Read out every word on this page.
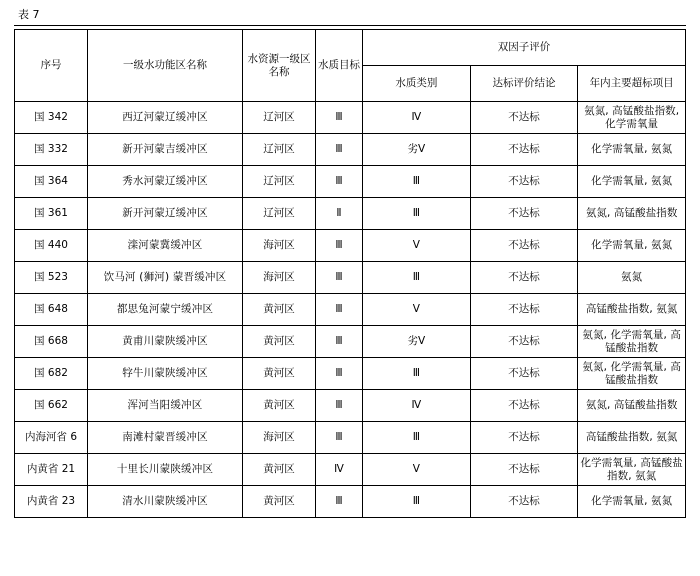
表 7
序号	一级水功能区名称	水资源一级区名称	水质目标	双因子评价		
				水质类别	达标评价结论	年内主要超标项目
国 342	西辽河蒙辽缓冲区	辽河区	Ⅲ	Ⅳ	不达标	氨氮, 高锰酸盐指数, 化学需氧量
国 332	新开河蒙吉缓冲区	辽河区	Ⅲ	劣Ⅴ	不达标	化学需氧量, 氨氮
国 364	秀水河蒙辽缓冲区	辽河区	Ⅲ	Ⅲ	不达标	化学需氧量, 氨氮
国 361	新开河蒙辽缓冲区	辽河区	Ⅱ	Ⅲ	不达标	氨氮, 高锰酸盐指数
国 440	滦河蒙冀缓冲区	海河区	Ⅲ	Ⅴ	不达标	化学需氧量, 氨氮
国 523	饮马河 (狮河) 蒙晋缓冲区	海河区	Ⅲ	Ⅲ	不达标	氨氮
国 648	都思兔河蒙宁缓冲区	黄河区	Ⅲ	Ⅴ	不达标	高锰酸盐指数, 氨氮
国 668	黄甫川蒙陕缓冲区	黄河区	Ⅲ	劣Ⅴ	不达标	氨氮, 化学需氧量, 高锰酸盐指数
国 682	牸牛川蒙陕缓冲区	黄河区	Ⅲ	Ⅲ	不达标	氨氮, 化学需氧量, 高锰酸盐指数
国 662	浑河当阳缓冲区	黄河区	Ⅲ	Ⅳ	不达标	氨氮, 高锰酸盐指数
内海河省 6	南滩村蒙晋缓冲区	海河区	Ⅲ	Ⅲ	不达标	高锰酸盐指数, 氨氮
内黄省 21	十里长川蒙陕缓冲区	黄河区	Ⅳ	Ⅴ	不达标	化学需氧量, 高锰酸盐指数, 氨氮
内黄省 23	清水川蒙陕缓冲区	黄河区	Ⅲ	Ⅲ	不达标	化学需氧量, 氨氮
